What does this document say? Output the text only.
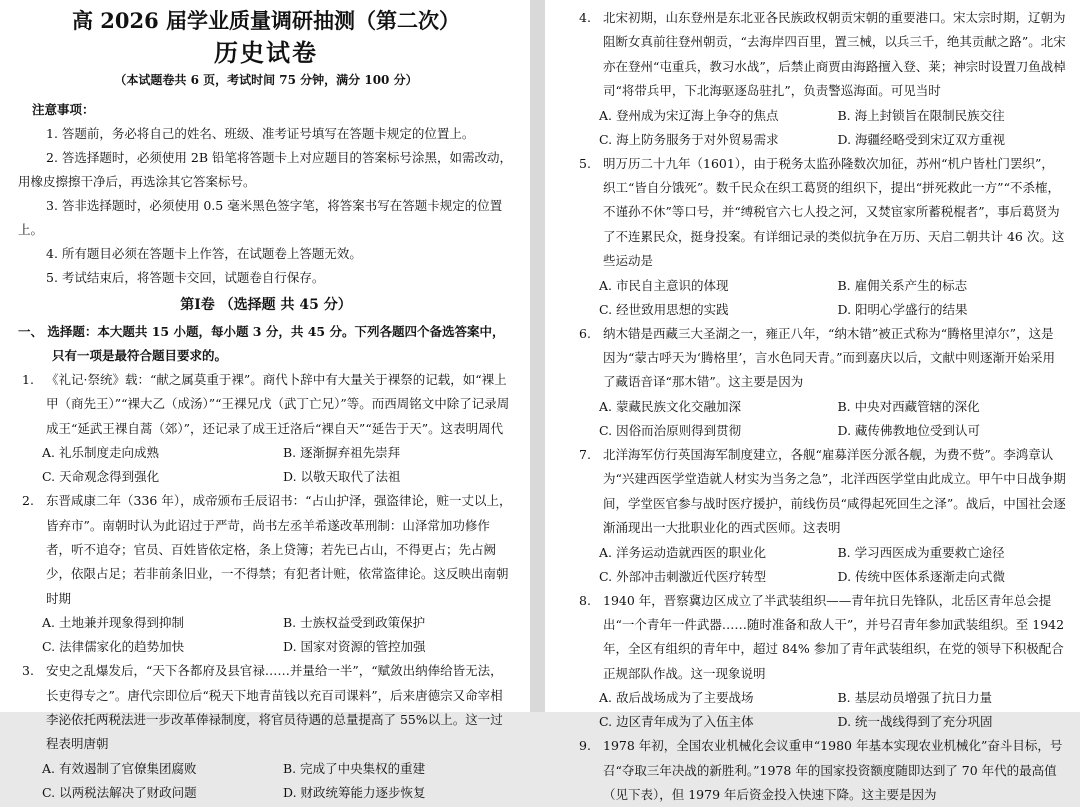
高 2026 届学业质量调研抽测（第二次）
历史试卷
（本试题卷共 6 页，考试时间 75 分钟，满分 100 分）
注意事项：
1. 答题前，务必将自己的姓名、班级、准考证号填写在答题卡规定的位置上。
2. 答选择题时，必须使用 2B 铅笔将答题卡上对应题目的答案标号涂黑，如需改动，用橡皮擦擦干净后，再选涂其它答案标号。
3. 答非选择题时，必须使用 0.5 毫米黑色签字笔，将答案书写在答题卡规定的位置上。
4. 所有题目必须在答题卡上作答，在试题卷上答题无效。
5. 考试结束后，将答题卡交回，试题卷自行保存。
第Ⅰ卷 （选择题 共 45 分）
一、 选择题：本大题共 15 小题，每小题 3 分，共 45 分。下列各题四个备选答案中，只有一项是最符合题目要求的。
1. 《礼记·祭统》载：“献之属莫重于裸”。商代卜辞中有大量关于裸祭的记载，如“裸上甲（商先王）”“裸大乙（成汤）”“王裸兄戊（武丁亡兄）”等。而西周铭文中除了记录周成王“延武王裸自蒿（郊）”，还记录了成王迁洛后“裸自天”“延告于天”。这表明周代
A. 礼乐制度走向成熟	B. 逐渐摒弃祖先崇拜
C. 天命观念得到强化	D. 以敬天取代了法祖
2. 东晋咸康二年（336 年），成帝颁布壬辰诏书：“占山护泽，强盗律论，赃一丈以上，皆弃市”。南朝时认为此诏过于严苛，尚书左丞羊希遂改革刑制：山泽常加功修作者，听不追夺；官员、百姓皆依定格，条上贷簿；若先已占山，不得更占；先占阙少，依限占足；若非前条旧业，一不得禁；有犯者计赃，依常盗律论。这反映出南朝时期
A. 土地兼并现象得到抑制	B. 士族权益受到政策保护
C. 法律儒家化的趋势加快	D. 国家对资源的管控加强
3. 安史之乱爆发后，“天下各都府及县官禄……并量给一半”，“赋敛出纳俸给皆无法，长吏得专之”。唐代宗即位后“税天下地青苗钱以充百司课料”，后来唐德宗又命宰相李泌依托两税法进一步改革俸禄制度，将官员待遇的总量提高了 55%以上。这一过程表明唐朝
A. 有效遏制了官僚集团腐败	B. 完成了中央集权的重建
C. 以两税法解决了财政问题	D. 财政统筹能力逐步恢复
4. 北宋初期，山东登州是东北亚各民族政权朝贡宋朝的重要港口。宋太宗时期，辽朝为阻断女真前往登州朝贡，“去海岸四百里，置三械，以兵三千，绝其贡献之路”。北宋亦在登州“屯重兵，教习水战”，后禁止商贾由海路擅入登、莱；神宗时设置刀鱼战棹司“将带兵甲，下北海驱逐岛驻扎”，负责警巡海面。可见当时
A. 登州成为宋辽海上争夺的焦点	B. 海上封锁旨在限制民族交往
C. 海上防务服务于对外贸易需求	D. 海疆经略受到宋辽双方重视
5. 明万历二十九年（1601），由于税务太监孙隆数次加征，苏州“机户皆杜门罢织”，织工“皆自分饿死”。数千民众在织工葛贤的组织下，提出“拼死救此一方”“不杀榷，不谨孙不休”等口号，并“缚税官六七人投之河，又焚宦家所蓄税棍者”，事后葛贤为了不连累民众，挺身投案。有详细记录的类似抗争在万历、天启二朝共计 46 次。这些运动是
A. 市民自主意识的体现	B. 雇佣关系产生的标志
C. 经世致用思想的实践	D. 阳明心学盛行的结果
6. 纳木错是西藏三大圣湖之一，雍正八年，“纳木错”被正式称为“腾格里淖尔”，这是因为“蒙古呼天为‘腾格里’，言水色同天青。”而到嘉庆以后，文献中则逐渐开始采用了藏语音译“那木错”。这主要是因为
A. 蒙藏民族文化交融加深	B. 中央对西藏管辖的深化
C. 因俗而治原则得到贯彻	D. 藏传佛教地位受到认可
7. 北洋海军仿行英国海军制度建立，各舰“雇募洋医分派各舰，为费不赀”。李鸿章认为“兴建西医学堂造就人材实为当务之急”，北洋西医学堂由此成立。甲午中日战争期间，学堂医官参与战时医疗援护，前线伤员“咸得起死回生之泽”。战后，中国社会逐渐涌现出一大批职业化的西式医师。这表明
A. 洋务运动造就西医的职业化	B. 学习西医成为重要救亡途径
C. 外部冲击刺激近代医疗转型	D. 传统中医体系逐渐走向式微
8. 1940 年，晋察冀边区成立了半武装组织——青年抗日先锋队，北岳区青年总会提出“一个青年一件武器……随时准备和敌人干”，并号召青年参加武装组织。至 1942 年，全区有组织的青年中，超过 84% 参加了青年武装组织，在党的领导下积极配合正规部队作战。这一现象说明
A. 敌后战场成为了主要战场	B. 基层动员增强了抗日力量
C. 边区青年成为了入伍主体	D. 统一战线得到了充分巩固
9. 1978 年初，全国农业机械化会议重申“1980 年基本实现农业机械化”奋斗目标，号召“夺取三年决战的新胜利。”1978 年的国家投资额度随即达到了 70 年代的最高值（见下表），但 1979 年后资金投入快速下降。这主要是因为
